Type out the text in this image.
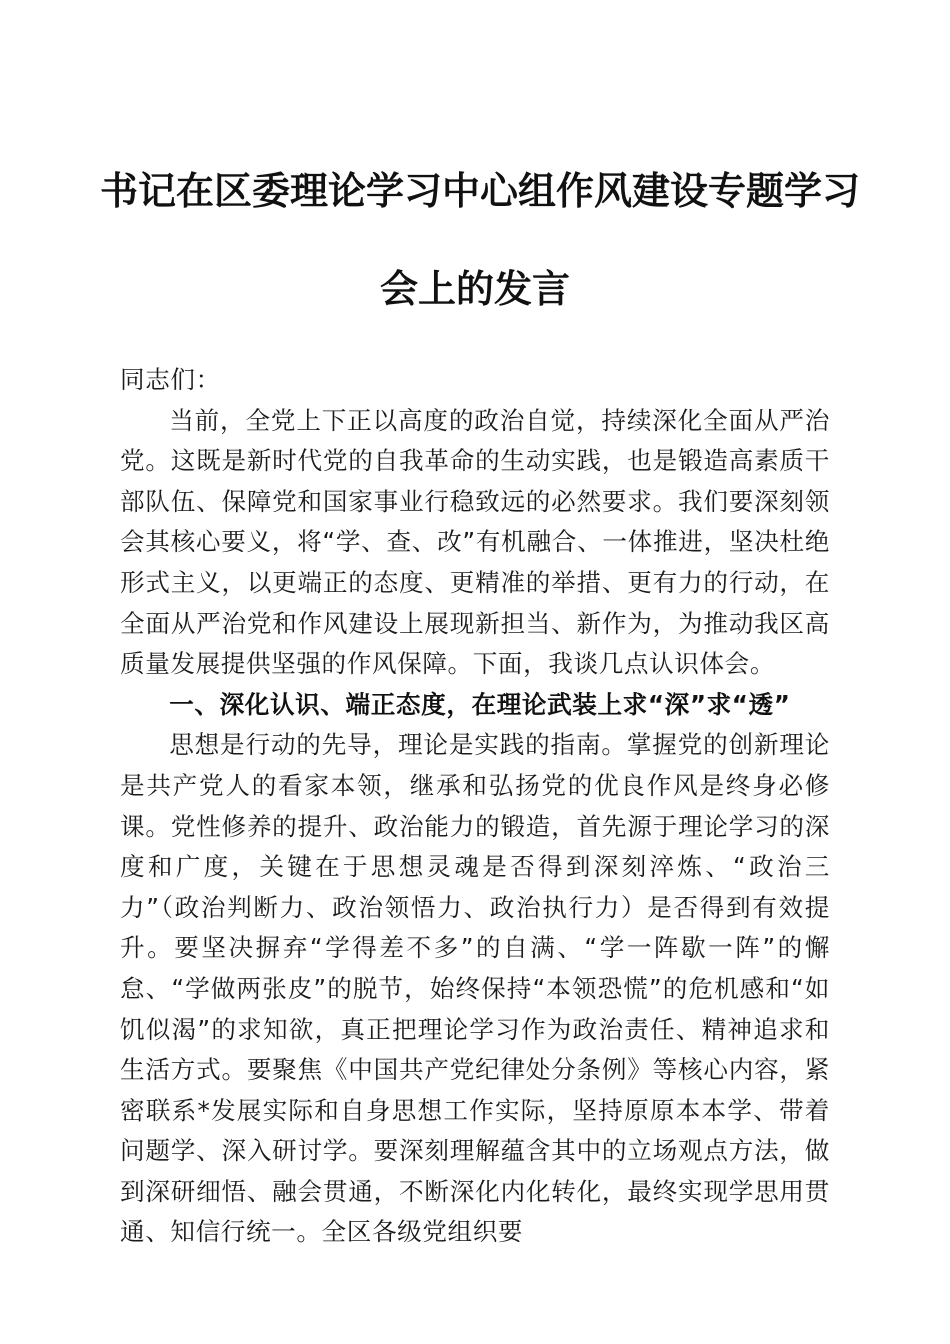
书记在区委理论学习中心组作风建设专题学习
会上的发言

同志们：

当前，全党上下正以高度的政治自觉，持续深化全面从严治党。这既是新时代党的自我革命的生动实践，也是锻造高素质干部队伍、保障党和国家事业行稳致远的必然要求。我们要深刻领会其核心要义，将“学、查、改”有机融合、一体推进，坚决杜绝形式主义，以更端正的态度、更精准的举措、更有力的行动，在全面从严治党和作风建设上展现新担当、新作为，为推动我区高质量发展提供坚强的作风保障。下面，我谈几点认识体会。

一、深化认识、端正态度，在理论武装上求“深”求“透”

思想是行动的先导，理论是实践的指南。掌握党的创新理论是共产党人的看家本领，继承和弘扬党的优良作风是终身必修课。党性修养的提升、政治能力的锻造，首先源于理论学习的深度和广度，关键在于思想灵魂是否得到深刻淬炼、“政治三力”（政治判断力、政治领悟力、政治执行力）是否得到有效提升。要坚决摒弃“学得差不多”的自满、“学一阵歇一阵”的懈怠、“学做两张皮”的脱节，始终保持“本领恐慌”的危机感和“如饥似渴”的求知欲，真正把理论学习作为政治责任、精神追求和生活方式。要聚焦《中国共产党纪律处分条例》等核心内容，紧密联系*发展实际和自身思想工作实际，坚持原原本本学、带着问题学、深入研讨学。要深刻理解蕴含其中的立场观点方法，做到深研细悟、融会贯通，不断深化内化转化，最终实现学思用贯通、知信行统一。全区各级党组织要
